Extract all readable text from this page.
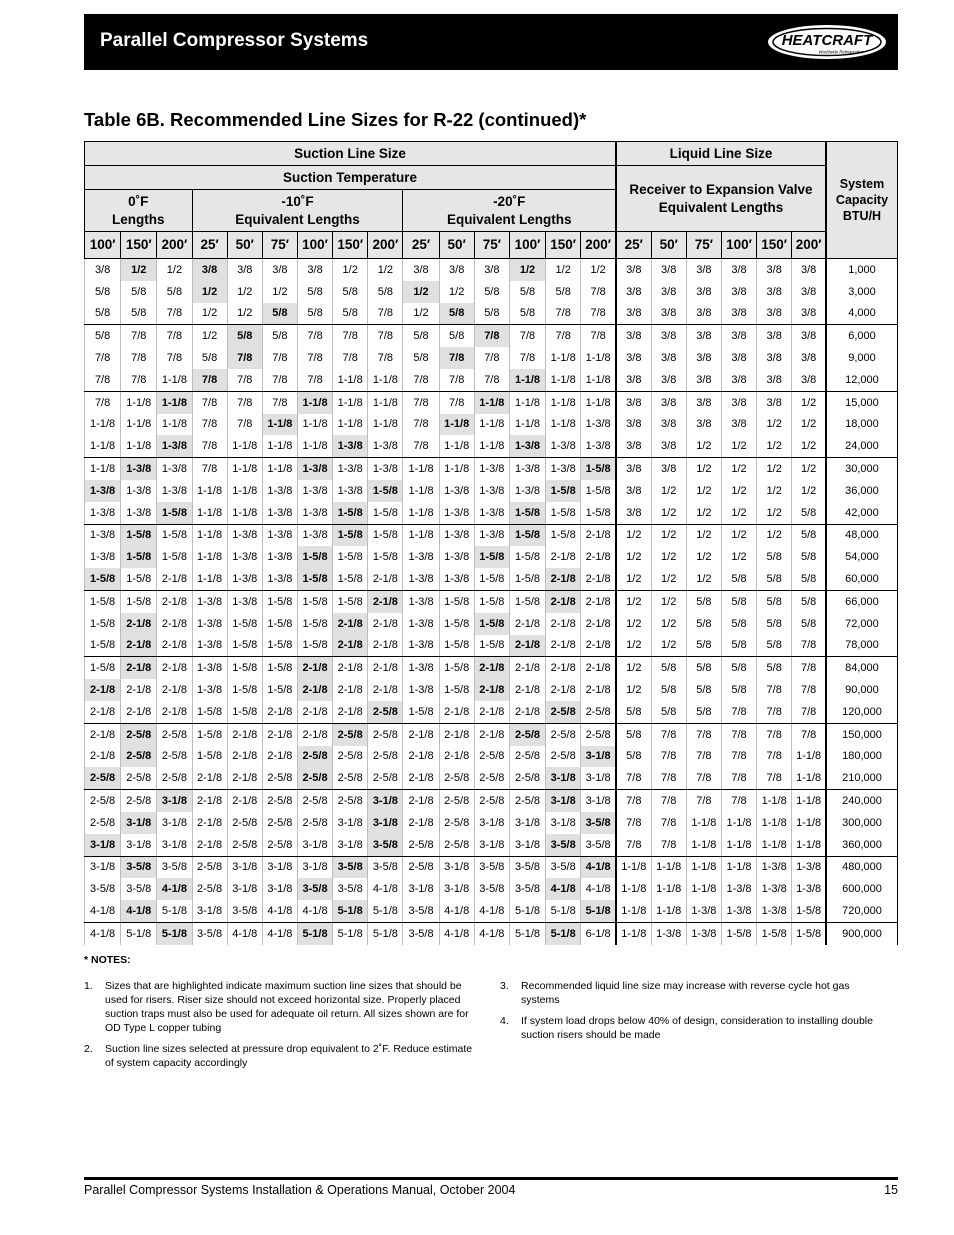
Parallel Compressor Systems	HEATCRAFT
Worldwide Refrigeration
Table 6B. Recommended Line Sizes for R-22 (continued)*
Suction Line Size															Liquid Line Size						System Capacity BTU/H
Suction Temperature															Receiver to Expansion Valve Equivalent Lengths						
0˚F
Lengths			-10˚F
Equivalent Lengths						-20˚F
Equivalent Lengths												
100′	150′	200′	25′	50′	75′	100′	150′	200′	25′	50′	75′	100′	150′	200′	25′	50′	75′	100′	150′	200′	
3/8	1/2	1/2	3/8	3/8	3/8	3/8	1/2	1/2	3/8	3/8	3/8	1/2	1/2	1/2	3/8	3/8	3/8	3/8	3/8	3/8	1,000
5/8	5/8	5/8	1/2	1/2	1/2	5/8	5/8	5/8	1/2	1/2	5/8	5/8	5/8	7/8	3/8	3/8	3/8	3/8	3/8	3/8	3,000
5/8	5/8	7/8	1/2	1/2	5/8	5/8	5/8	7/8	1/2	5/8	5/8	5/8	7/8	7/8	3/8	3/8	3/8	3/8	3/8	3/8	4,000
5/8	7/8	7/8	1/2	5/8	5/8	7/8	7/8	7/8	5/8	5/8	7/8	7/8	7/8	7/8	3/8	3/8	3/8	3/8	3/8	3/8	6,000
7/8	7/8	7/8	5/8	7/8	7/8	7/8	7/8	7/8	5/8	7/8	7/8	7/8	1-1/8	1-1/8	3/8	3/8	3/8	3/8	3/8	3/8	9,000
7/8	7/8	1-1/8	7/8	7/8	7/8	7/8	1-1/8	1-1/8	7/8	7/8	7/8	1-1/8	1-1/8	1-1/8	3/8	3/8	3/8	3/8	3/8	3/8	12,000
7/8	1-1/8	1-1/8	7/8	7/8	7/8	1-1/8	1-1/8	1-1/8	7/8	7/8	1-1/8	1-1/8	1-1/8	1-1/8	3/8	3/8	3/8	3/8	3/8	1/2	15,000
1-1/8	1-1/8	1-1/8	7/8	7/8	1-1/8	1-1/8	1-1/8	1-1/8	7/8	1-1/8	1-1/8	1-1/8	1-1/8	1-3/8	3/8	3/8	3/8	3/8	1/2	1/2	18,000
1-1/8	1-1/8	1-3/8	7/8	1-1/8	1-1/8	1-1/8	1-3/8	1-3/8	7/8	1-1/8	1-1/8	1-3/8	1-3/8	1-3/8	3/8	3/8	1/2	1/2	1/2	1/2	24,000
1-1/8	1-3/8	1-3/8	7/8	1-1/8	1-1/8	1-3/8	1-3/8	1-3/8	1-1/8	1-1/8	1-3/8	1-3/8	1-3/8	1-5/8	3/8	3/8	1/2	1/2	1/2	1/2	30,000
1-3/8	1-3/8	1-3/8	1-1/8	1-1/8	1-3/8	1-3/8	1-3/8	1-5/8	1-1/8	1-3/8	1-3/8	1-3/8	1-5/8	1-5/8	3/8	1/2	1/2	1/2	1/2	1/2	36,000
1-3/8	1-3/8	1-5/8	1-1/8	1-1/8	1-3/8	1-3/8	1-5/8	1-5/8	1-1/8	1-3/8	1-3/8	1-5/8	1-5/8	1-5/8	3/8	1/2	1/2	1/2	1/2	5/8	42,000
1-3/8	1-5/8	1-5/8	1-1/8	1-3/8	1-3/8	1-3/8	1-5/8	1-5/8	1-1/8	1-3/8	1-3/8	1-5/8	1-5/8	2-1/8	1/2	1/2	1/2	1/2	1/2	5/8	48,000
1-3/8	1-5/8	1-5/8	1-1/8	1-3/8	1-3/8	1-5/8	1-5/8	1-5/8	1-3/8	1-3/8	1-5/8	1-5/8	2-1/8	2-1/8	1/2	1/2	1/2	1/2	5/8	5/8	54,000
1-5/8	1-5/8	2-1/8	1-1/8	1-3/8	1-3/8	1-5/8	1-5/8	2-1/8	1-3/8	1-3/8	1-5/8	1-5/8	2-1/8	2-1/8	1/2	1/2	1/2	5/8	5/8	5/8	60,000
1-5/8	1-5/8	2-1/8	1-3/8	1-3/8	1-5/8	1-5/8	1-5/8	2-1/8	1-3/8	1-5/8	1-5/8	1-5/8	2-1/8	2-1/8	1/2	1/2	5/8	5/8	5/8	5/8	66,000
1-5/8	2-1/8	2-1/8	1-3/8	1-5/8	1-5/8	1-5/8	2-1/8	2-1/8	1-3/8	1-5/8	1-5/8	2-1/8	2-1/8	2-1/8	1/2	1/2	5/8	5/8	5/8	5/8	72,000
1-5/8	2-1/8	2-1/8	1-3/8	1-5/8	1-5/8	1-5/8	2-1/8	2-1/8	1-3/8	1-5/8	1-5/8	2-1/8	2-1/8	2-1/8	1/2	1/2	5/8	5/8	5/8	7/8	78,000
1-5/8	2-1/8	2-1/8	1-3/8	1-5/8	1-5/8	2-1/8	2-1/8	2-1/8	1-3/8	1-5/8	2-1/8	2-1/8	2-1/8	2-1/8	1/2	5/8	5/8	5/8	5/8	7/8	84,000
2-1/8	2-1/8	2-1/8	1-3/8	1-5/8	1-5/8	2-1/8	2-1/8	2-1/8	1-3/8	1-5/8	2-1/8	2-1/8	2-1/8	2-1/8	1/2	5/8	5/8	5/8	7/8	7/8	90,000
2-1/8	2-1/8	2-1/8	1-5/8	1-5/8	2-1/8	2-1/8	2-1/8	2-5/8	1-5/8	2-1/8	2-1/8	2-1/8	2-5/8	2-5/8	5/8	5/8	5/8	7/8	7/8	7/8	120,000
2-1/8	2-5/8	2-5/8	1-5/8	2-1/8	2-1/8	2-1/8	2-5/8	2-5/8	2-1/8	2-1/8	2-1/8	2-5/8	2-5/8	2-5/8	5/8	7/8	7/8	7/8	7/8	7/8	150,000
2-1/8	2-5/8	2-5/8	1-5/8	2-1/8	2-1/8	2-5/8	2-5/8	2-5/8	2-1/8	2-1/8	2-5/8	2-5/8	2-5/8	3-1/8	5/8	7/8	7/8	7/8	7/8	1-1/8	180,000
2-5/8	2-5/8	2-5/8	2-1/8	2-1/8	2-5/8	2-5/8	2-5/8	2-5/8	2-1/8	2-5/8	2-5/8	2-5/8	3-1/8	3-1/8	7/8	7/8	7/8	7/8	7/8	1-1/8	210,000
2-5/8	2-5/8	3-1/8	2-1/8	2-1/8	2-5/8	2-5/8	2-5/8	3-1/8	2-1/8	2-5/8	2-5/8	2-5/8	3-1/8	3-1/8	7/8	7/8	7/8	7/8	1-1/8	1-1/8	240,000
2-5/8	3-1/8	3-1/8	2-1/8	2-5/8	2-5/8	2-5/8	3-1/8	3-1/8	2-1/8	2-5/8	3-1/8	3-1/8	3-1/8	3-5/8	7/8	7/8	1-1/8	1-1/8	1-1/8	1-1/8	300,000
3-1/8	3-1/8	3-1/8	2-1/8	2-5/8	2-5/8	3-1/8	3-1/8	3-5/8	2-5/8	2-5/8	3-1/8	3-1/8	3-5/8	3-5/8	7/8	7/8	1-1/8	1-1/8	1-1/8	1-1/8	360,000
3-1/8	3-5/8	3-5/8	2-5/8	3-1/8	3-1/8	3-1/8	3-5/8	3-5/8	2-5/8	3-1/8	3-5/8	3-5/8	3-5/8	4-1/8	1-1/8	1-1/8	1-1/8	1-1/8	1-3/8	1-3/8	480,000
3-5/8	3-5/8	4-1/8	2-5/8	3-1/8	3-1/8	3-5/8	3-5/8	4-1/8	3-1/8	3-1/8	3-5/8	3-5/8	4-1/8	4-1/8	1-1/8	1-1/8	1-1/8	1-3/8	1-3/8	1-3/8	600,000
4-1/8	4-1/8	5-1/8	3-1/8	3-5/8	4-1/8	4-1/8	5-1/8	5-1/8	3-5/8	4-1/8	4-1/8	5-1/8	5-1/8	5-1/8	1-1/8	1-1/8	1-3/8	1-3/8	1-3/8	1-5/8	720,000
4-1/8	5-1/8	5-1/8	3-5/8	4-1/8	4-1/8	5-1/8	5-1/8	5-1/8	3-5/8	4-1/8	4-1/8	5-1/8	5-1/8	6-1/8	1-1/8	1-3/8	1-3/8	1-5/8	1-5/8	1-5/8	900,000
* NOTES:
1. Sizes that are highlighted indicate maximum suction line sizes that should be used for risers. Riser size should not exceed horizontal size. Properly placed suction traps must also be used for adequate oil return. All sizes shown are for OD Type L copper tubing
2. Suction line sizes selected at pressure drop equivalent to 2˚F. Reduce estimate of system capacity accordingly
3. Recommended liquid line size may increase with reverse cycle hot gas systems
4. If system load drops below 40% of design, consideration to installing double suction risers should be made
Parallel Compressor Systems Installation & Operations Manual, October 2004	15
